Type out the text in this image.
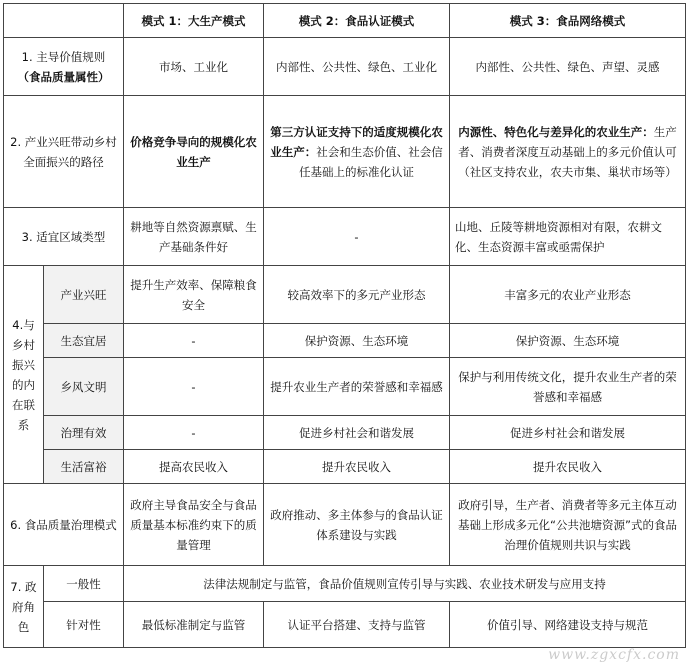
		模式 1：大生产模式	模式 2：食品认证模式	模式 3：食品网络模式

1. 主导价值规则
（食品质量属性）		市场、工业化	内部性、公共性、绿色、工业化	内部性、公共性、绿色、声望、灵感
2. 产业兴旺带动乡村全面振兴的路径		价格竞争导向的规模化农业生产	第三方认证支持下的适度规模化农业生产：社会和生态价值、社会信任基础上的标准化认证	内源性、特色化与差异化的农业生产：生产者、消费者深度互动基础上的多元价值认可（社区支持农业，农夫市集、巢状市场等）
3. 适宜区域类型		耕地等自然资源禀赋、生产基础条件好	-	山地、丘陵等耕地资源相对有限，农耕文化、生态资源丰富或亟需保护
4.与乡村振兴的内在联系	产业兴旺	提升生产效率、保障粮食安全	较高效率下的多元产业形态	丰富多元的农业产业形态
	生态宜居	-	保护资源、生态环境	保护资源、生态环境
	乡风文明	-	提升农业生产者的荣誉感和幸福感	保护与利用传统文化，提升农业生产者的荣誉感和幸福感
	治理有效	-	促进乡村社会和谐发展	促进乡村社会和谐发展
	生活富裕	提高农民收入	提升农民收入	提升农民收入
6. 食品质量治理模式		政府主导食品安全与食品质量基本标准约束下的质量管理	政府推动、多主体参与的食品认证体系建设与实践	政府引导，生产者、消费者等多元主体互动基础上形成多元化“公共池塘资源”式的食品治理价值规则共识与实践
7. 政府角色	一般性	法律法规制定与监管，食品价值规则宣传引导与实践、农业技术研发与应用支持		
	针对性	最低标准制定与监管	认证平台搭建、支持与监管	价值引导、网络建设支持与规范
www.zgxcfx.com
